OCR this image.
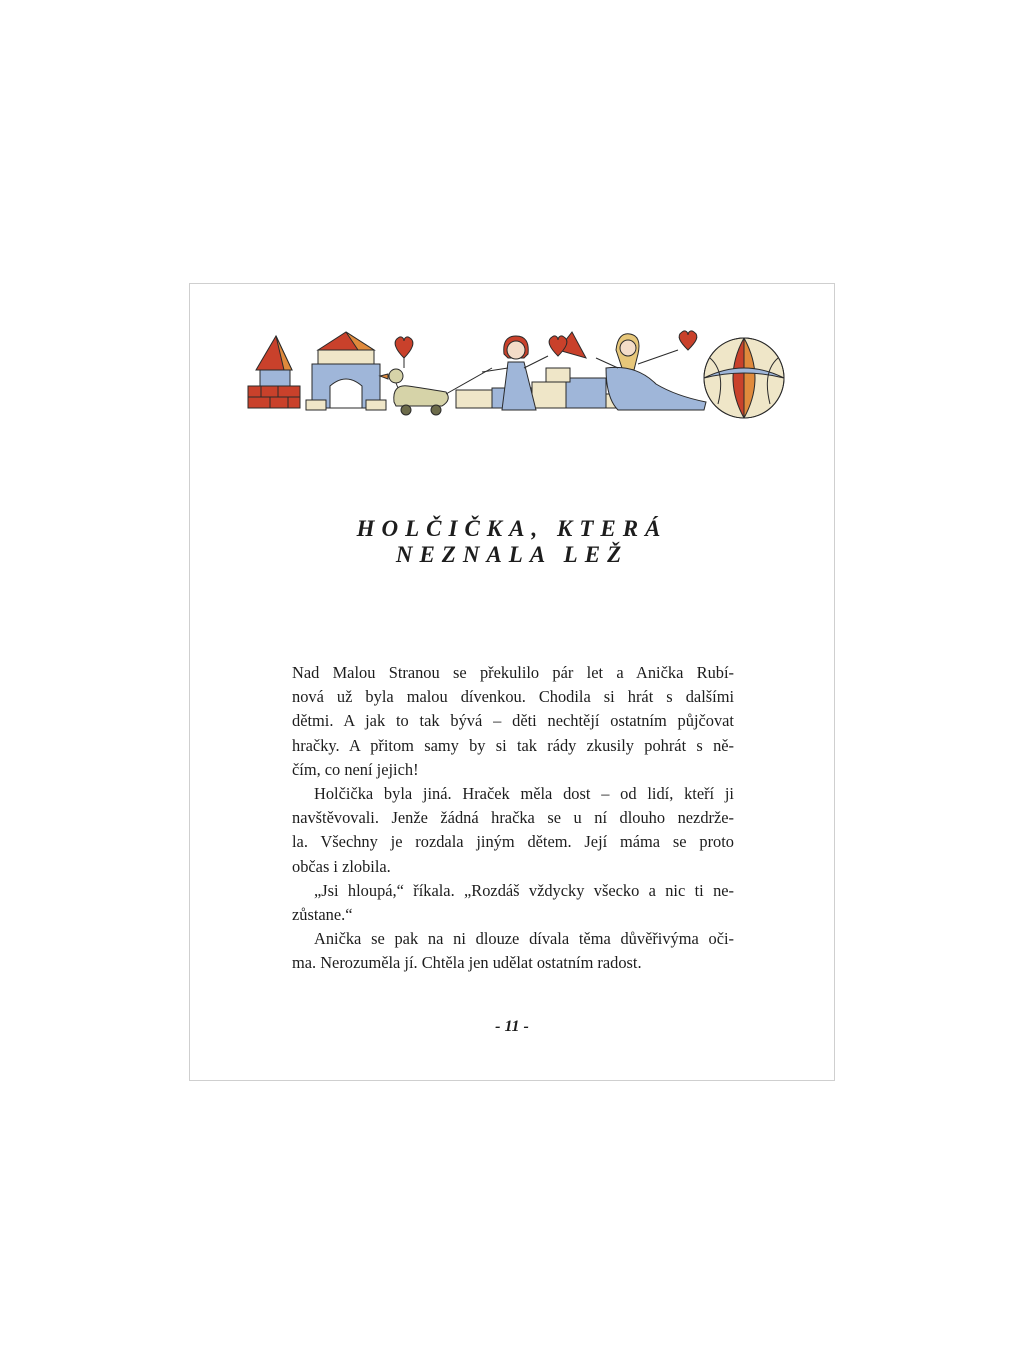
HOLČIČKA, KTERÁ
NEZNALA LEŽ
Nad Malou Stranou se překulilo pár let a Anička Rubí-
nová už byla malou dívenkou. Chodila si hrát s dalšími
dětmi. A jak to tak bývá – děti nechtějí ostatním půjčovat
hračky. A přitom samy by si tak rády zkusily pohrát s ně-
čím, co není jejich!
Holčička byla jiná. Hraček měla dost – od lidí, kteří ji
navštěvovali. Jenže žádná hračka se u ní dlouho nezdrže-
la. Všechny je rozdala jiným dětem. Její máma se proto
občas i zlobila.
„Jsi hloupá,“ říkala. „Rozdáš vždycky všecko a nic ti ne-
zůstane.“
Anička se pak na ni dlouze dívala těma důvěřivýma oči-
ma. Nerozuměla jí. Chtěla jen udělat ostatním radost.
- 11 -
